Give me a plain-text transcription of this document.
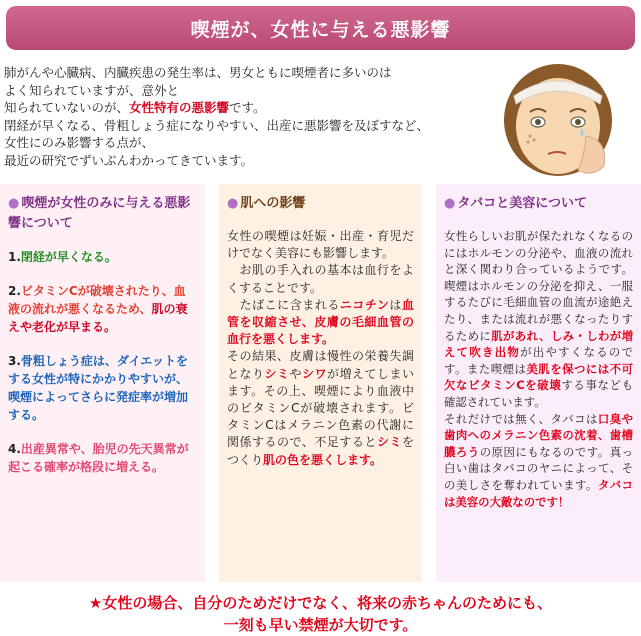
喫煙が、女性に与える悪影響
肺がんや心臓病、内臓疾患の発生率は、男女ともに喫煙者に多いのは
よく知られていますが、意外と
知られていないのが、女性特有の悪影響です。
閉経が早くなる、骨粗しょう症になりやすい、出産に悪影響を及ぼすなど、
女性にのみ影響する点が、
最近の研究でずいぶんわかってきています。
● 喫煙が女性のみに与える悪影響について
1.閉経が早くなる。
2.ビタミンCが破壊されたり、血液の流れが悪くなるため、肌の衰えや老化が早まる。
3.骨粗しょう症は、ダイエットをする女性が特にかかりやすいが、喫煙によってさらに発症率が増加する。
4.出産異常や、胎児の先天異常が起こる確率が格段に増える。
● 肌への影響
女性の喫煙は妊娠・出産・育児だけでなく美容にも影響します。
　お肌の手入れの基本は血行をよくすることです。
　たばこに含まれるニコチンは血管を収縮させ、皮膚の毛細血管の血行を悪くします。
その結果、皮膚は慢性の栄養失調となりシミやシワが増えてしまいます。その上、喫煙により血液中のビタミンCが破壊されます。ビタミンCはメラニン色素の代謝に関係するので、不足するとシミをつくり肌の色を悪くします。
● タバコと美容について
女性らしいお肌が保たれなくなるのにはホルモンの分泌や、血液の流れと深く関わり合っているようです。喫煙はホルモンの分泌を抑え、一服するたびに毛細血管の血流が途絶えたり、または流れが悪くなったりするために肌があれ、しみ・しわが増えて吹き出物が出やすくなるのです。また喫煙は美肌を保つには不可欠なビタミンCを破壊する事なども確認されています。
それだけでは無く、タバコは口臭や歯肉へのメラニン色素の沈着、歯槽膿ろうの原因にもなるのです。真っ白い歯はタバコのヤニによって、その美しさを奪われています。タバコは美容の大敵なのです！
★女性の場合、自分のためだけでなく、将来の赤ちゃんのためにも、
一刻も早い禁煙が大切です。
